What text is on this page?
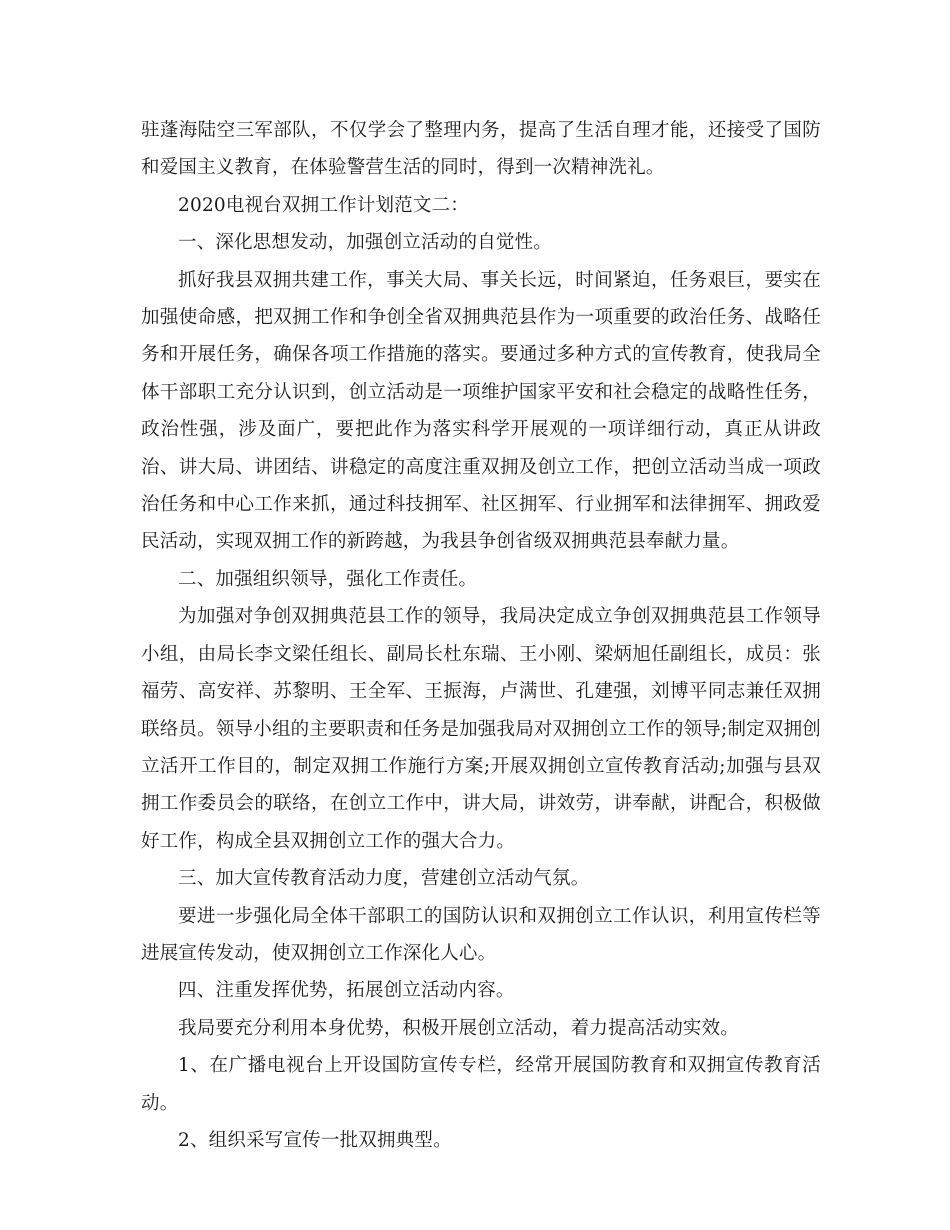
驻蓬海陆空三军部队，不仅学会了整理内务，提高了生活自理才能，还接受了国防和爱国主义教育，在体验警营生活的同时，得到一次精神洗礼。

2020电视台双拥工作计划范文二：

一、深化思想发动，加强创立活动的自觉性。

抓好我县双拥共建工作，事关大局、事关长远，时间紧迫，任务艰巨，要实在加强使命感，把双拥工作和争创全省双拥典范县作为一项重要的政治任务、战略任务和开展任务，确保各项工作措施的落实。要通过多种方式的宣传教育，使我局全体干部职工充分认识到，创立活动是一项维护国家平安和社会稳定的战略性任务，政治性强，涉及面广，要把此作为落实科学开展观的一项详细行动，真正从讲政治、讲大局、讲团结、讲稳定的高度注重双拥及创立工作，把创立活动当成一项政治任务和中心工作来抓，通过科技拥军、社区拥军、行业拥军和法律拥军、拥政爱民活动，实现双拥工作的新跨越，为我县争创省级双拥典范县奉献力量。

二、加强组织领导，强化工作责任。

为加强对争创双拥典范县工作的领导，我局决定成立争创双拥典范县工作领导小组，由局长李文梁任组长、副局长杜东瑞、王小刚、梁炳旭任副组长，成员：张福劳、高安祥、苏黎明、王全军、王振海，卢满世、孔建强，刘博平同志兼任双拥联络员。领导小组的主要职责和任务是加强我局对双拥创立工作的领导;制定双拥创立活开工作目的，制定双拥工作施行方案;开展双拥创立宣传教育活动;加强与县双拥工作委员会的联络，在创立工作中，讲大局，讲效劳，讲奉献，讲配合，积极做好工作，构成全县双拥创立工作的强大合力。

三、加大宣传教育活动力度，营建创立活动气氛。

要进一步强化局全体干部职工的国防认识和双拥创立工作认识，利用宣传栏等进展宣传发动，使双拥创立工作深化人心。

四、注重发挥优势，拓展创立活动内容。

我局要充分利用本身优势，积极开展创立活动，着力提高活动实效。

1、在广播电视台上开设国防宣传专栏，经常开展国防教育和双拥宣传教育活动。

2、组织采写宣传一批双拥典型。
